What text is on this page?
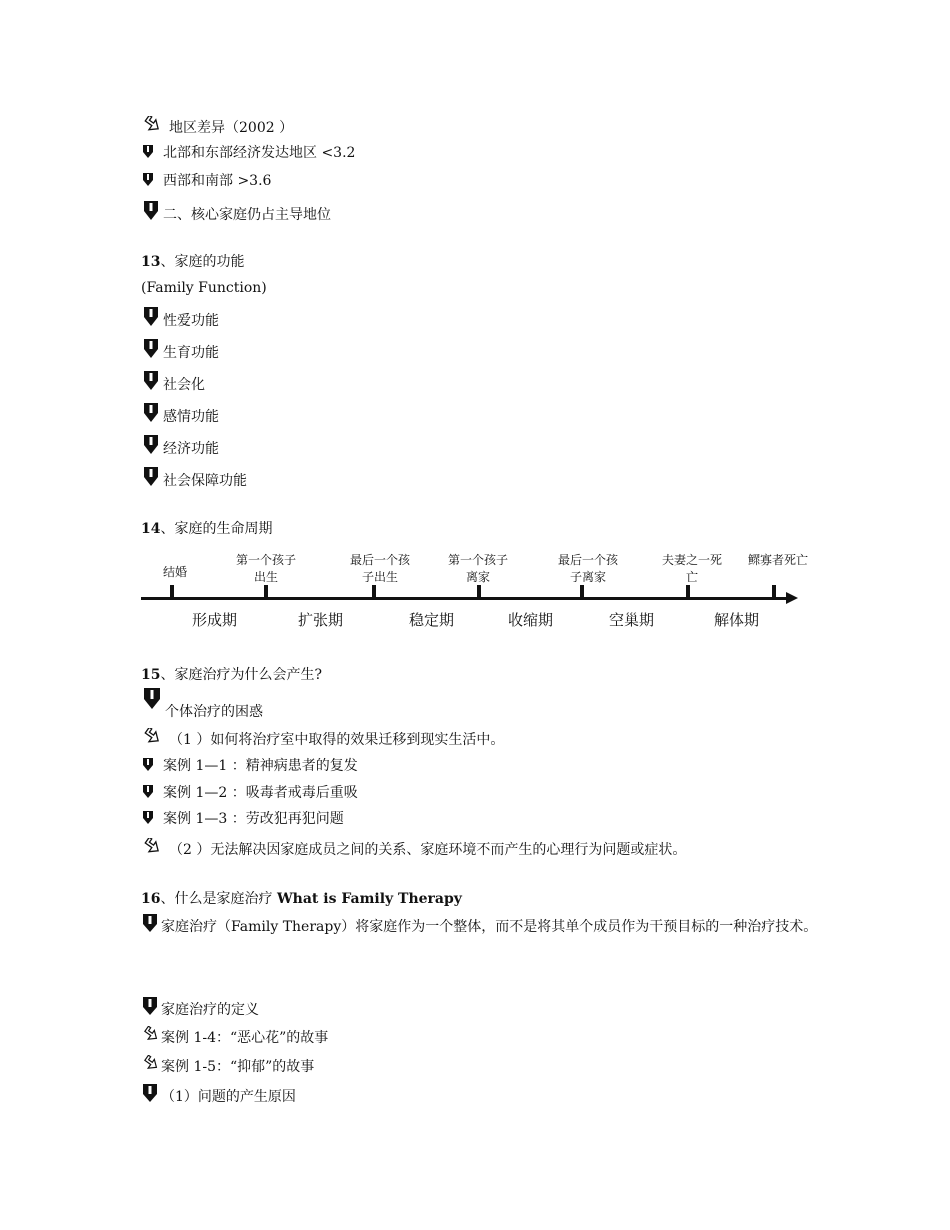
地区差异（2002 ）
北部和东部经济发达地区 <3.2
西部和南部 >3.6
二、核心家庭仍占主导地位
13、家庭的功能
(Family Function)
性爱功能
生育功能
社会化
感情功能
经济功能
社会保障功能
14、家庭的生命周期
结婚
第一个孩子出生
最后一个孩子出生
第一个孩子离家
最后一个孩子离家
夫妻之一死亡
鳏寡者死亡
形成期	扩张期	稳定期	收缩期	空巢期	解体期
15、家庭治疗为什么会产生?
个体治疗的困惑
（1 ）如何将治疗室中取得的效果迁移到现实生活中。
案例 1—1 ：精神病患者的复发
案例 1—2 ：吸毒者戒毒后重吸
案例 1—3 ：劳改犯再犯问题
（2 ）无法解决因家庭成员之间的关系、家庭环境不而产生的心理行为问题或症状。
16、什么是家庭治疗 What is Family Therapy
家庭治疗（Family Therapy）将家庭作为一个整体，而不是将其单个成员作为干预目标的一种治疗技术。
家庭治疗的定义
案例 1-4：“恶心花”的故事
案例 1-5：“抑郁”的故事
（1）问题的产生原因
